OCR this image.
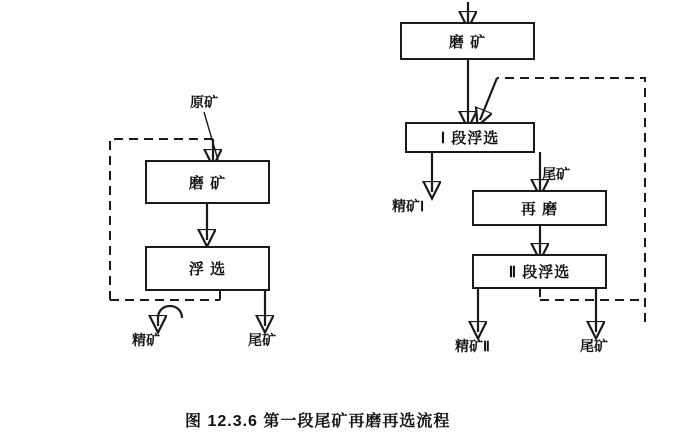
磨 矿
浮 选
原矿
精矿	尾矿
磨 矿
Ⅰ 段浮选
再 磨
Ⅱ 段浮选
精矿Ⅰ
尾矿
精矿Ⅱ	尾矿
图 12.3.6 第一段尾矿再磨再选流程
